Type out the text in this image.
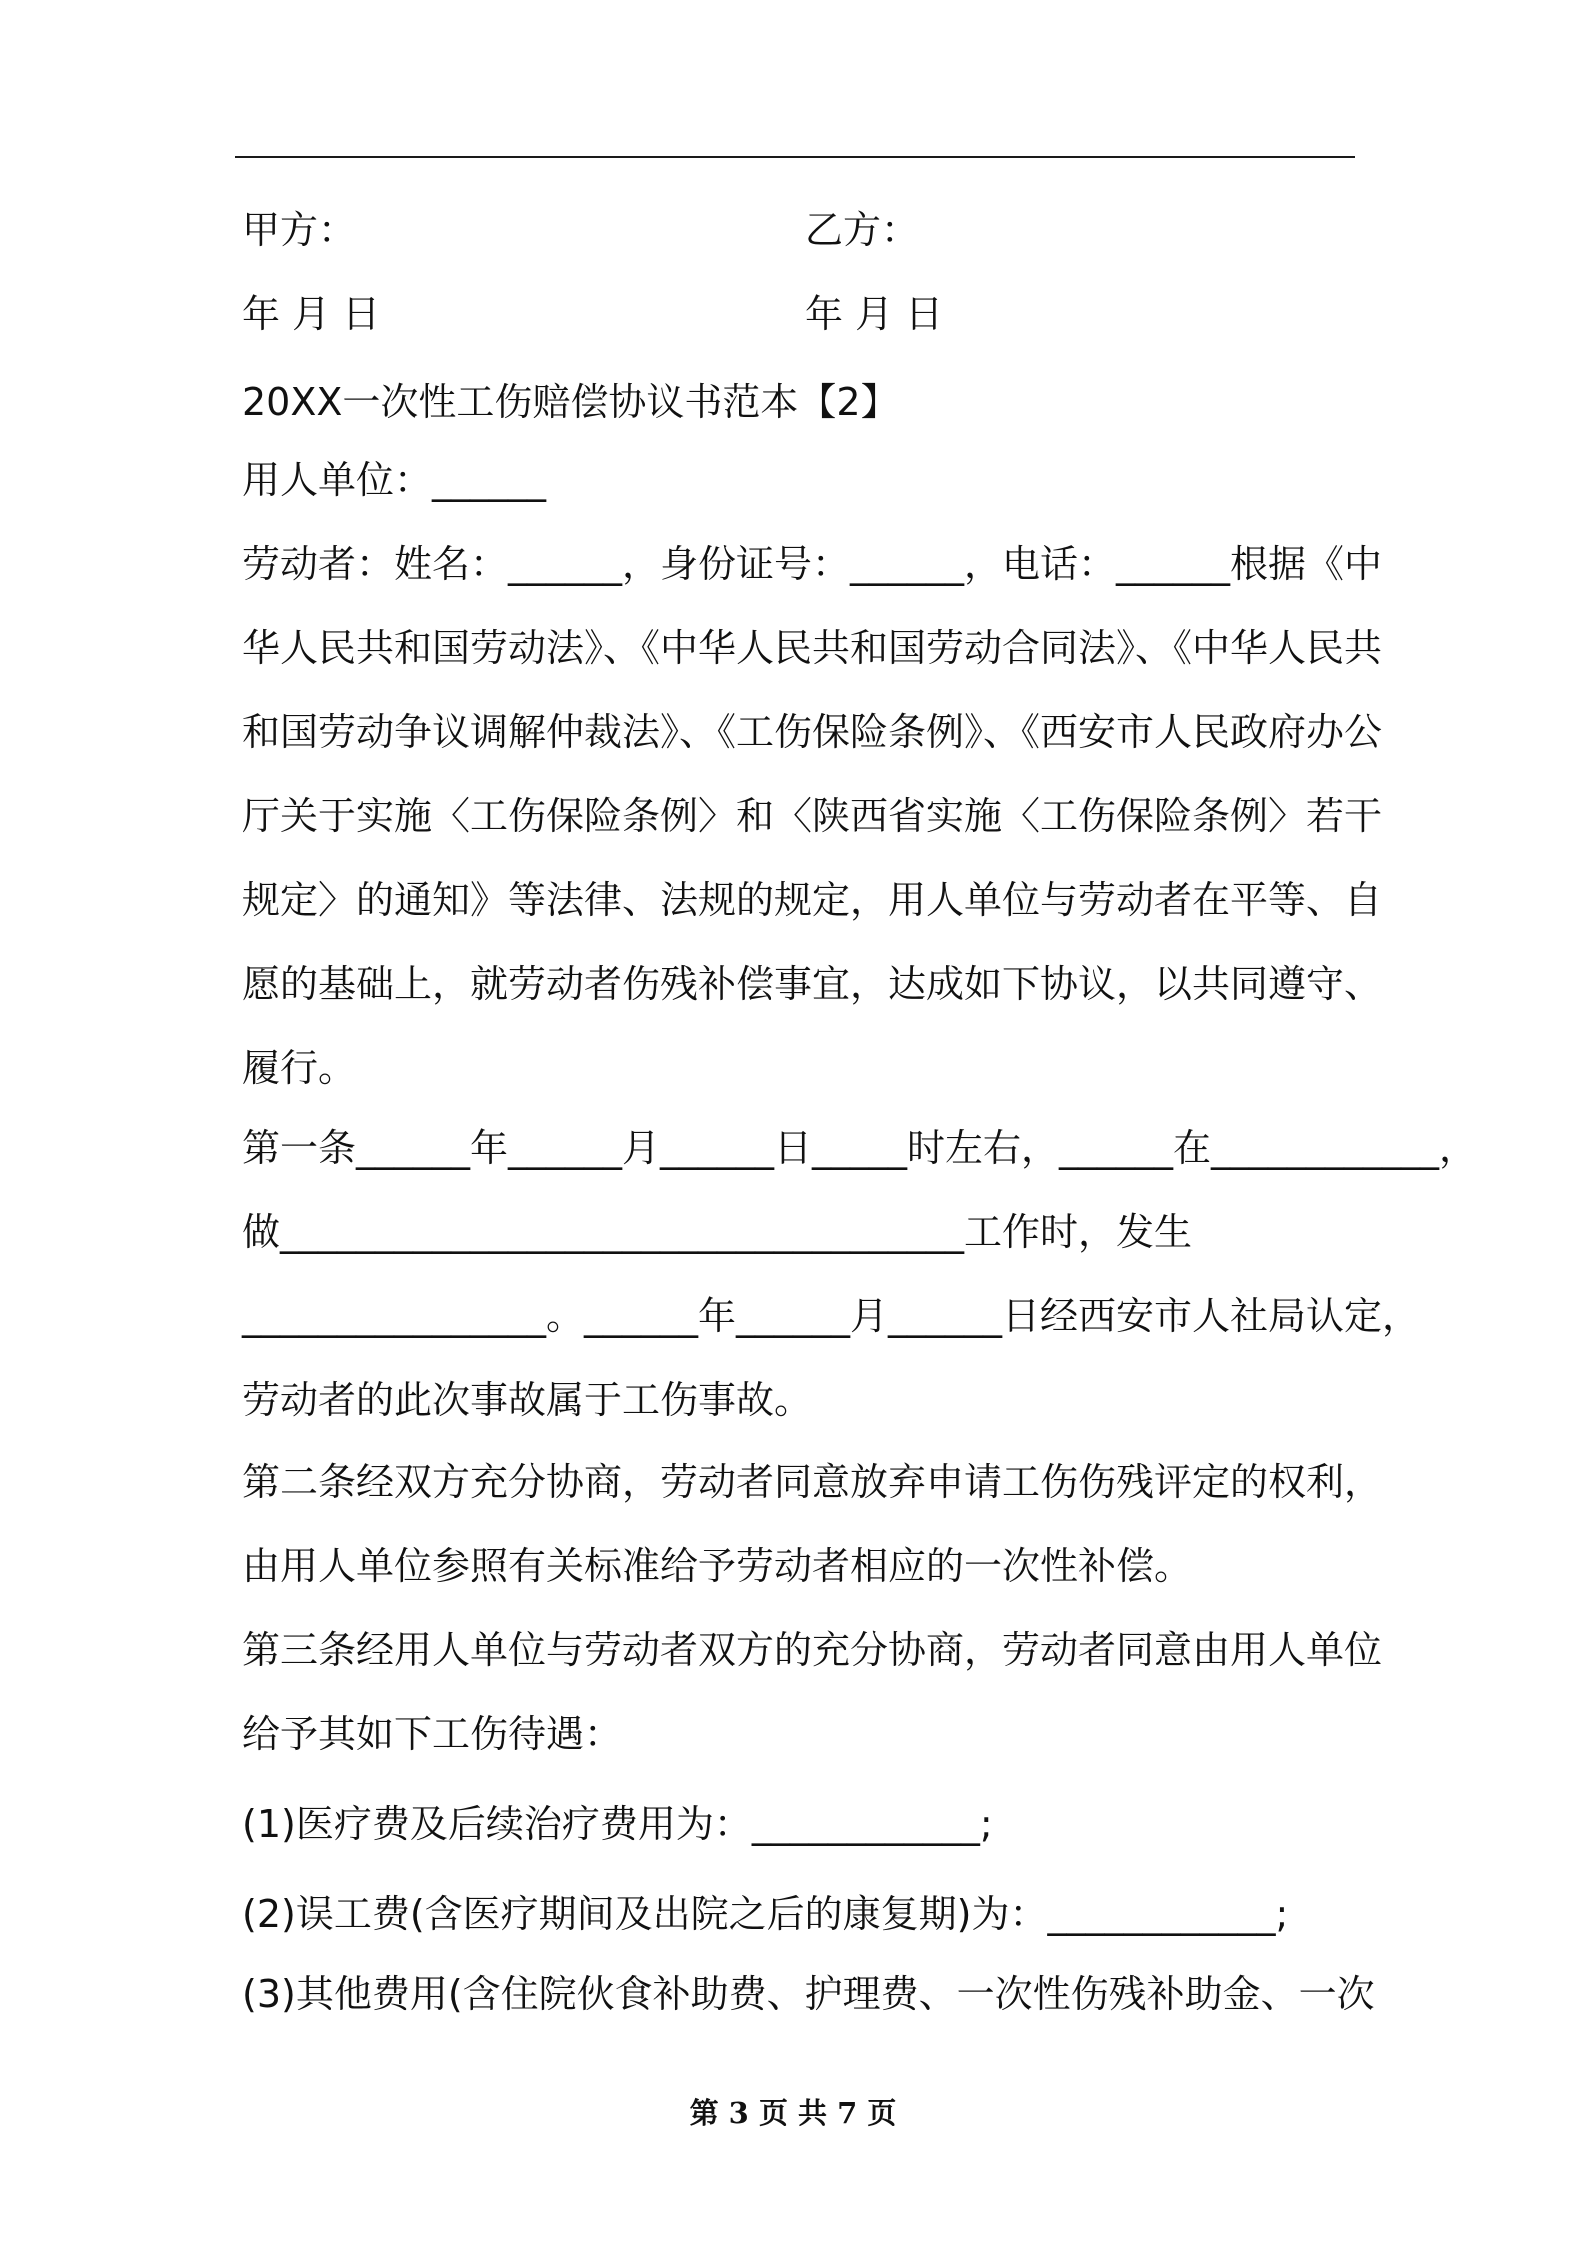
甲方：	乙方：
年 月 日	年 月 日
20XX一次性工伤赔偿协议书范本【2】
用人单位：______
劳动者：姓名：______，身份证号：______，电话：______根据《中
华人民共和国劳动法》、《中华人民共和国劳动合同法》、《中华人民共
和国劳动争议调解仲裁法》、《工伤保险条例》、《西安市人民政府办公
厅关于实施〈工伤保险条例〉和〈陕西省实施〈工伤保险条例〉若干
规定〉的通知》等法律、法规的规定，用人单位与劳动者在平等、自
愿的基础上，就劳动者伤残补偿事宜，达成如下协议，以共同遵守、
履行。
第一条______年______月______日_____时左右，______在____________，
做____________________________________工作时，发生
________________。______年______月______日经西安市人社局认定，
劳动者的此次事故属于工伤事故。
第二条经双方充分协商，劳动者同意放弃申请工伤伤残评定的权利，
由用人单位参照有关标准给予劳动者相应的一次性补偿。
第三条经用人单位与劳动者双方的充分协商，劳动者同意由用人单位
给予其如下工伤待遇：
(1)医疗费及后续治疗费用为：____________;
(2)误工费(含医疗期间及出院之后的康复期)为：____________;
(3)其他费用(含住院伙食补助费、护理费、一次性伤残补助金、一次
第 3 页 共 7 页
